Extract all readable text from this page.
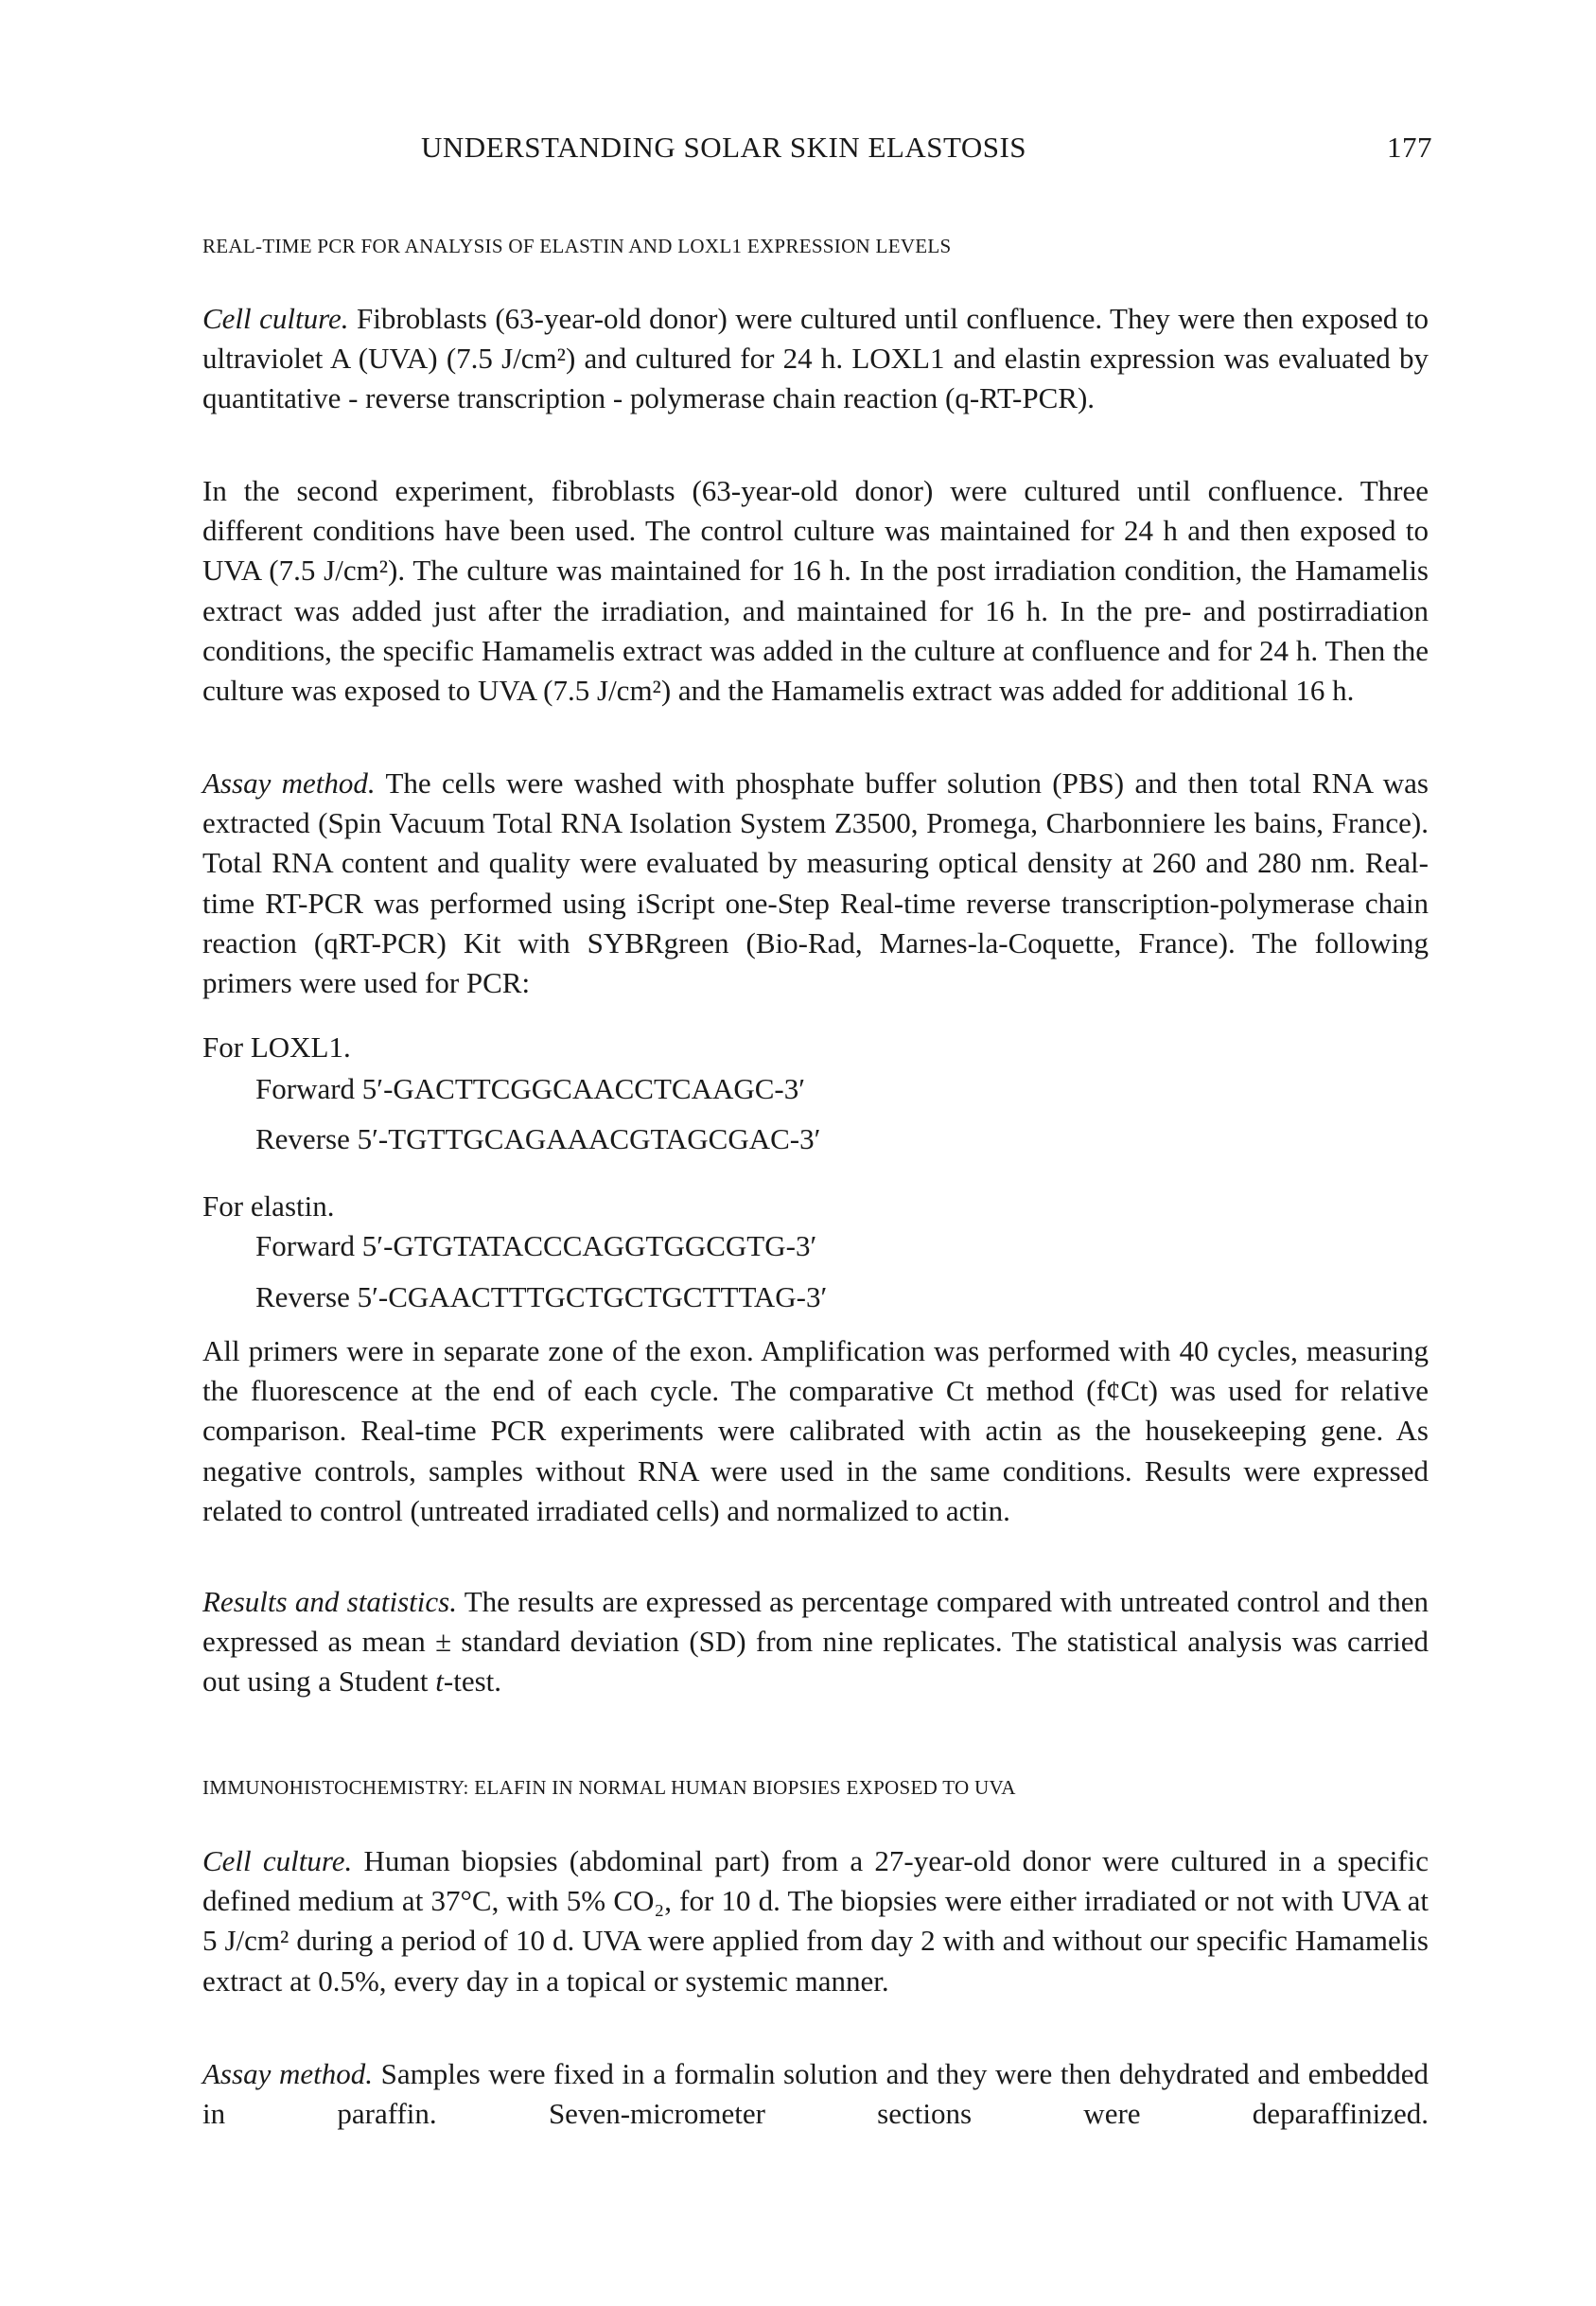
UNDERSTANDING SOLAR SKIN ELASTOSIS	177
REAL-TIME PCR FOR ANALYSIS OF ELASTIN AND LOXL1 EXPRESSION LEVELS
Cell culture. Fibroblasts (63-year-old donor) were cultured until confluence. They were then exposed to ultraviolet A (UVA) (7.5 J/cm²) and cultured for 24 h. LOXL1 and elastin expression was evaluated by quantitative - reverse transcription - polymerase chain reaction (q-RT-PCR).
In the second experiment, fibroblasts (63-year-old donor) were cultured until confluence. Three different conditions have been used. The control culture was maintained for 24 h and then exposed to UVA (7.5 J/cm²). The culture was maintained for 16 h. In the post irradiation condition, the Hamamelis extract was added just after the irradiation, and maintained for 16 h. In the pre- and postirradiation conditions, the specific Hamamelis extract was added in the culture at confluence and for 24 h. Then the culture was exposed to UVA (7.5 J/cm²) and the Hamamelis extract was added for additional 16 h.
Assay method. The cells were washed with phosphate buffer solution (PBS) and then total RNA was extracted (Spin Vacuum Total RNA Isolation System Z3500, Promega, Charbonniere les bains, France). Total RNA content and quality were evaluated by measuring optical density at 260 and 280 nm. Real-time RT-PCR was performed using iScript one-Step Real-time reverse transcription-polymerase chain reaction (qRT-PCR) Kit with SYBRgreen (Bio-Rad, Marnes-la-Coquette, France). The following primers were used for PCR:
For LOXL1.
Forward 5′-GACTTCGGCAACCTCAAGC-3′
Reverse 5′-TGTTGCAGAAACGTAGCGAC-3′
For elastin.
Forward 5′-GTGTATACCCAGGTGGCGTG-3′
Reverse 5′-CGAACTTTGCTGCTGCTTTAG-3′
All primers were in separate zone of the exon. Amplification was performed with 40 cycles, measuring the fluorescence at the end of each cycle. The comparative Ct method (f¢Ct) was used for relative comparison. Real-time PCR experiments were calibrated with actin as the housekeeping gene. As negative controls, samples without RNA were used in the same conditions. Results were expressed related to control (untreated irradiated cells) and normalized to actin.
Results and statistics. The results are expressed as percentage compared with untreated control and then expressed as mean ± standard deviation (SD) from nine replicates. The statistical analysis was carried out using a Student t-test.
IMMUNOHISTOCHEMISTRY: ELAFIN IN NORMAL HUMAN BIOPSIES EXPOSED TO UVA
Cell culture. Human biopsies (abdominal part) from a 27-year-old donor were cultured in a specific defined medium at 37°C, with 5% CO₂, for 10 d. The biopsies were either irradiated or not with UVA at 5 J/cm² during a period of 10 d. UVA were applied from day 2 with and without our specific Hamamelis extract at 0.5%, every day in a topical or systemic manner.
Assay method. Samples were fixed in a formalin solution and they were then dehydrated and embedded in paraffin. Seven-micrometer sections were deparaffinized.
